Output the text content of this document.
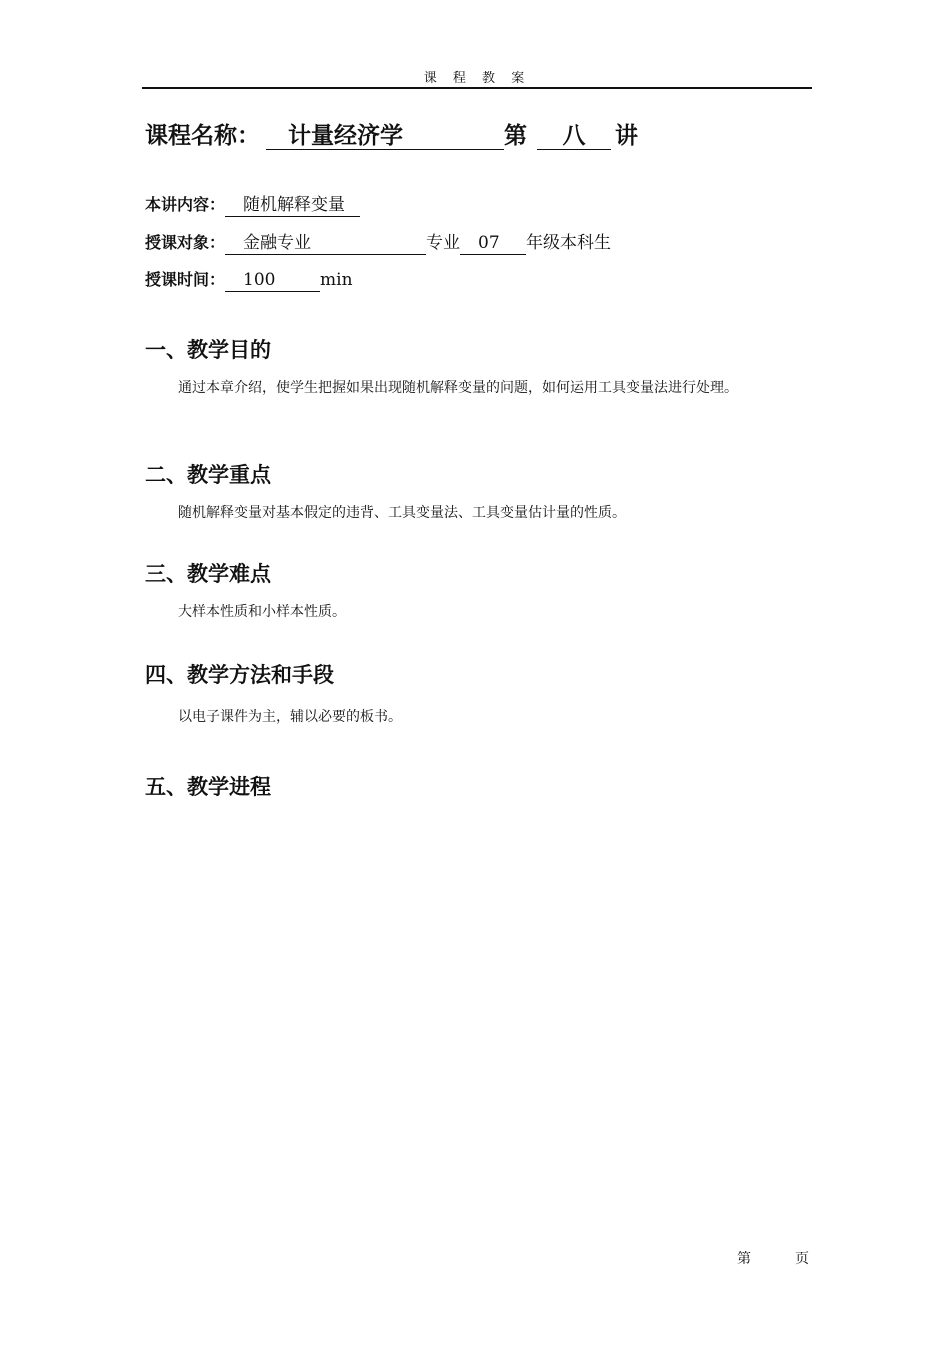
课 程 教 案
课程名称： 计量经济学	第 八 讲
本讲内容： 随机解释变量
授课对象： 金融专业	专业 07 年级本科生
授课时间： 100	min
一、教学目的
通过本章介绍，使学生把握如果出现随机解释变量的问题，如何运用工具变量法进行处理。
二、教学重点
随机解释变量对基本假定的违背、工具变量法、工具变量估计量的性质。
三、教学难点
大样本性质和小样本性质。
四、教学方法和手段
以电子课件为主，辅以必要的板书。
五、教学进程
第	页
